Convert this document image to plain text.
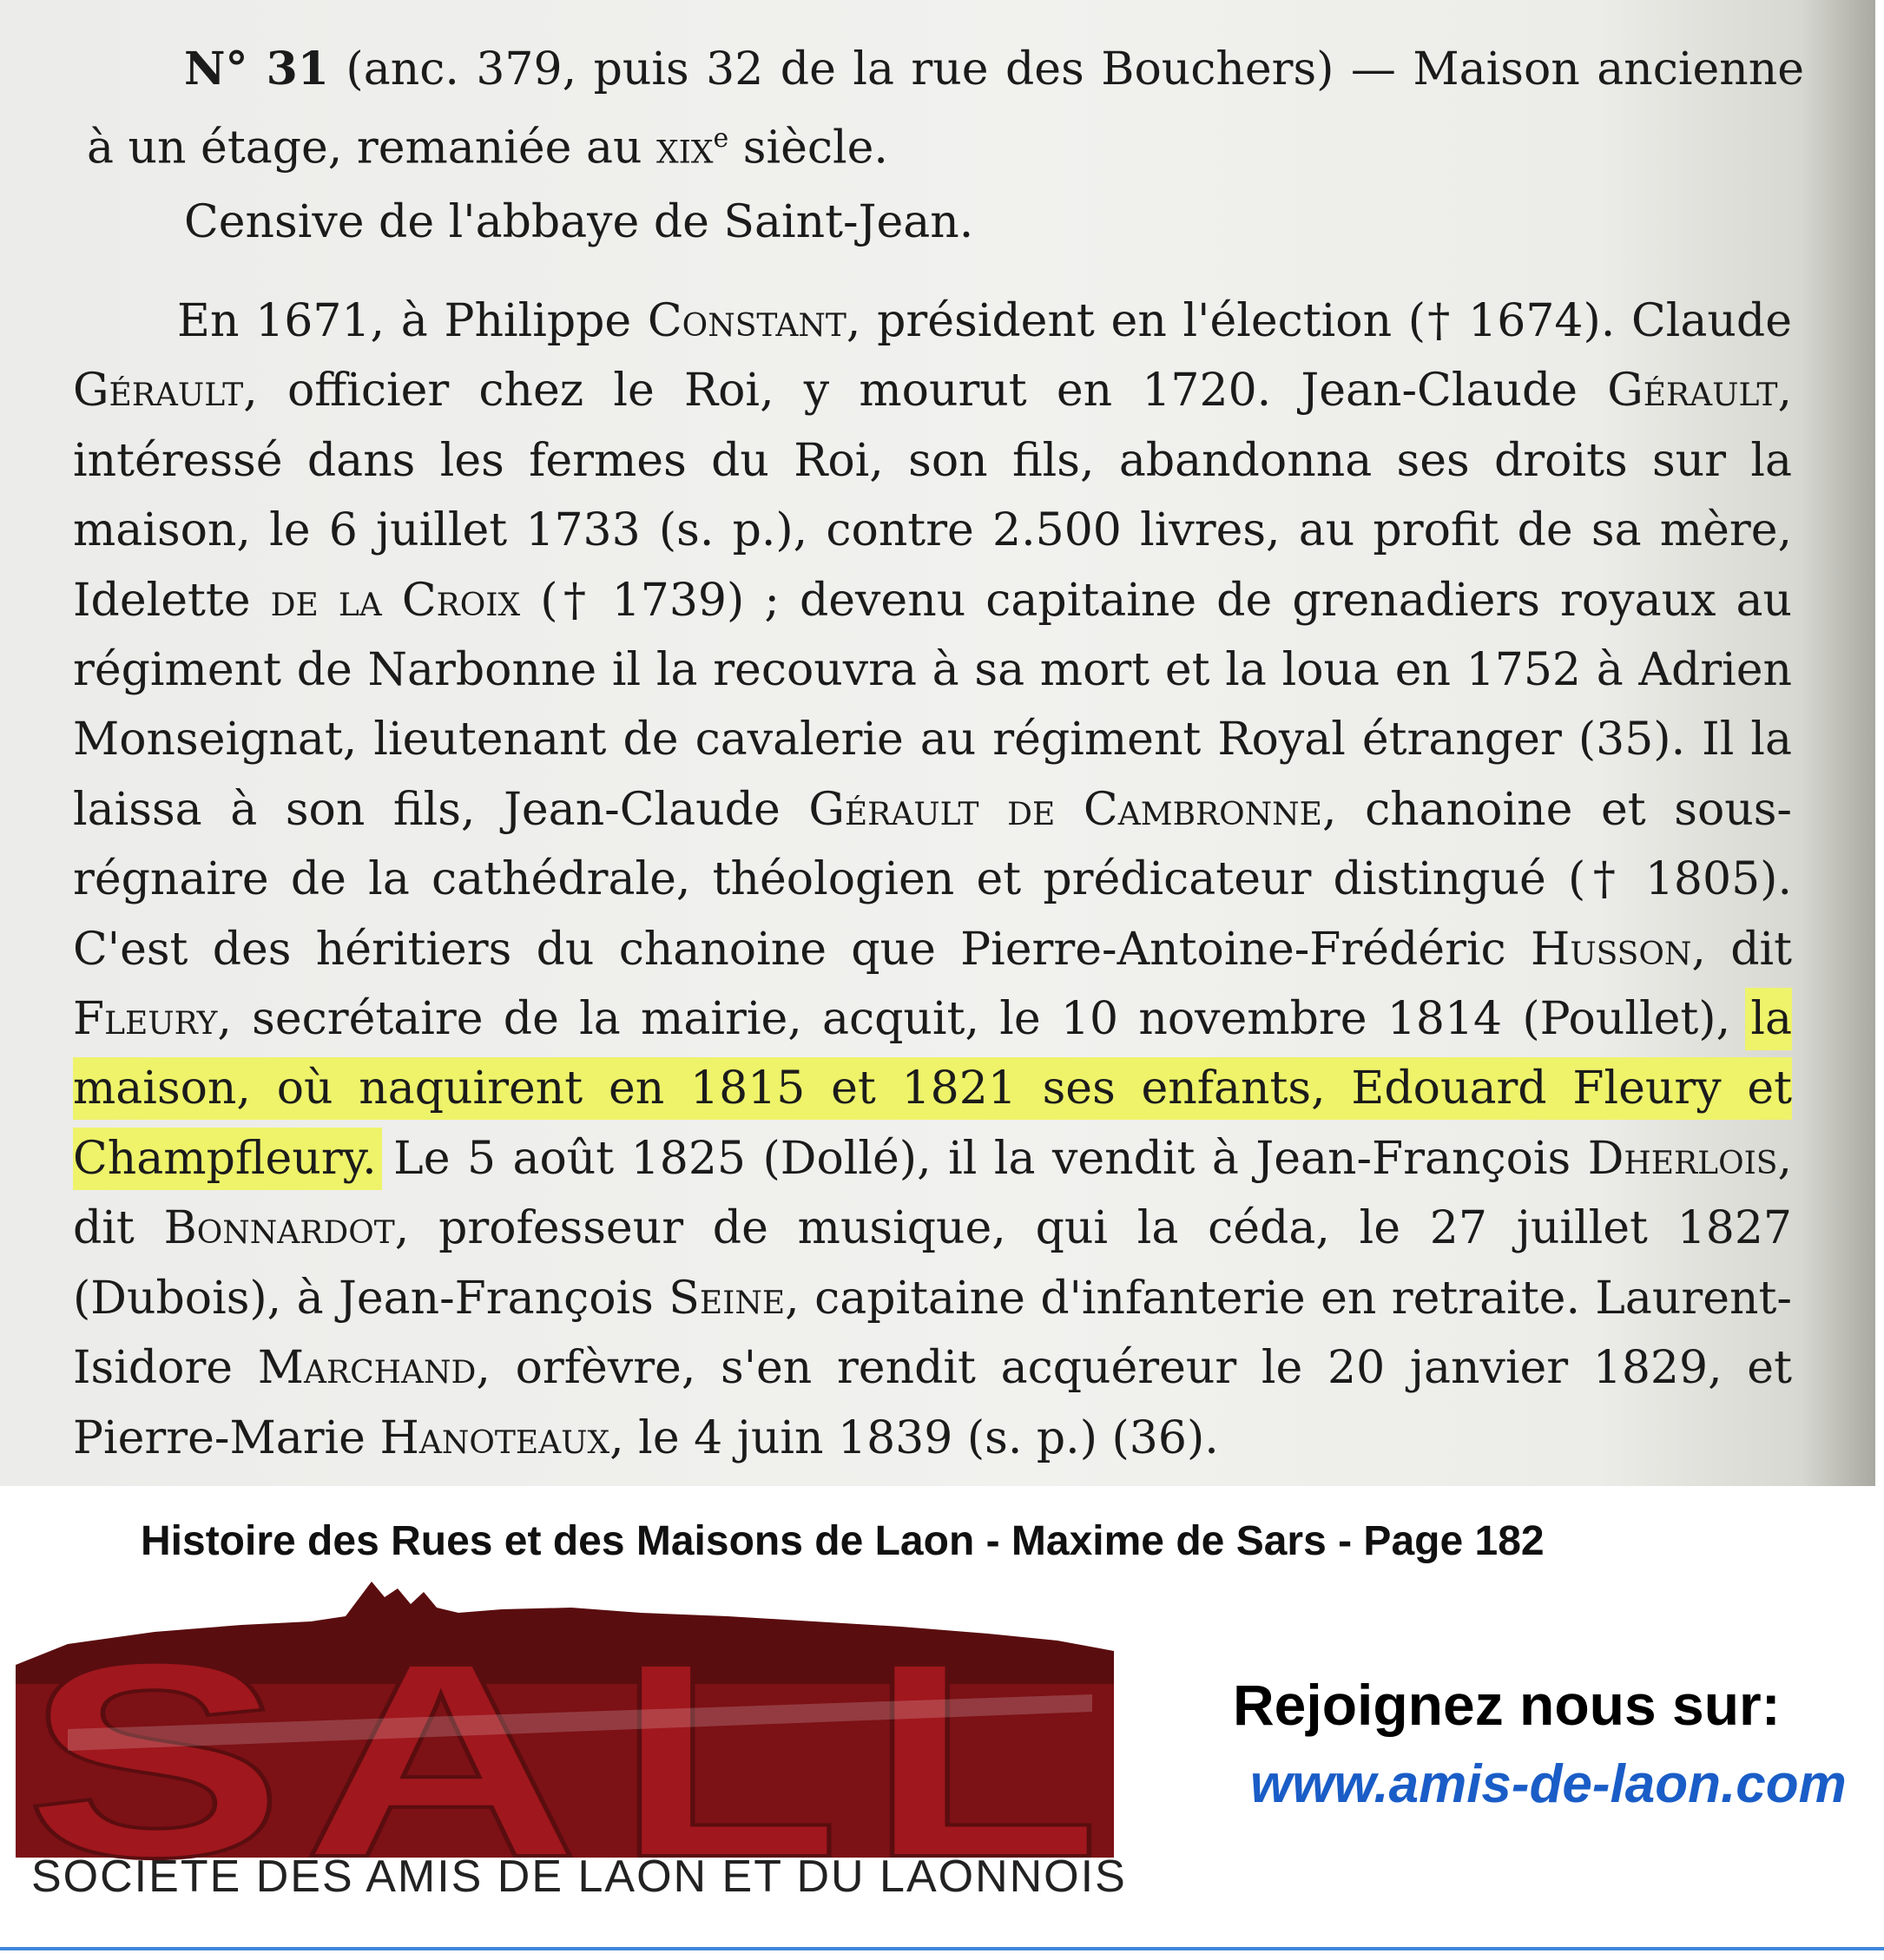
N° 31 (anc. 379, puis 32 de la rue des Bouchers) — Maison ancienne à un étage, remaniée au xix$^e$ siècle.

Censive de l'abbaye de Saint-Jean.

En 1671, à Philippe Constant, président en l'élection († 1674). Claude Gérault, officier chez le Roi, y mourut en 1720. Jean-Claude Gérault, intéressé dans les fermes du Roi, son fils, abandonna ses droits sur la maison, le 6 juillet 1733 (s. p.), contre 2.500 livres, au profit de sa mère, Idelette de la Croix († 1739) ; devenu capitaine de grenadiers royaux au régiment de Narbonne il la recouvra à sa mort et la loua en 1752 à Adrien Monseignat, lieutenant de cavalerie au régiment Royal étranger (35). Il la laissa à son fils, Jean-Claude Gérault de Cambronne, chanoine et sous-régnaire de la cathédrale, théologien et prédicateur distingué († 1805). C'est des héritiers du chanoine que Pierre-Antoine-Frédéric Husson, dit Fleury, secrétaire de la mairie, acquit, le 10 novembre 1814 (Poullet), la maison, où naquirent en 1815 et 1821 ses enfants, Edouard Fleury et Champfleury. Le 5 août 1825 (Dollé), il la vendit à Jean-François Dherlois, dit Bonnardot, professeur de musique, qui la céda, le 27 juillet 1827 (Dubois), à Jean-François Seine, capitaine d'infanterie en retraite. Laurent-Isidore Marchand, orfèvre, s'en rendit acquéreur le 20 janvier 1829, et Pierre-Marie Hanoteaux, le 4 juin 1839 (s. p.) (36).

Histoire des Rues et des Maisons de Laon - Maxime de Sars - Page 182
S A L L
SALL
SOCIETE DES AMIS DE LAON ET DU LAONNOIS
Rejoignez nous sur:
www.amis-de-laon.com
